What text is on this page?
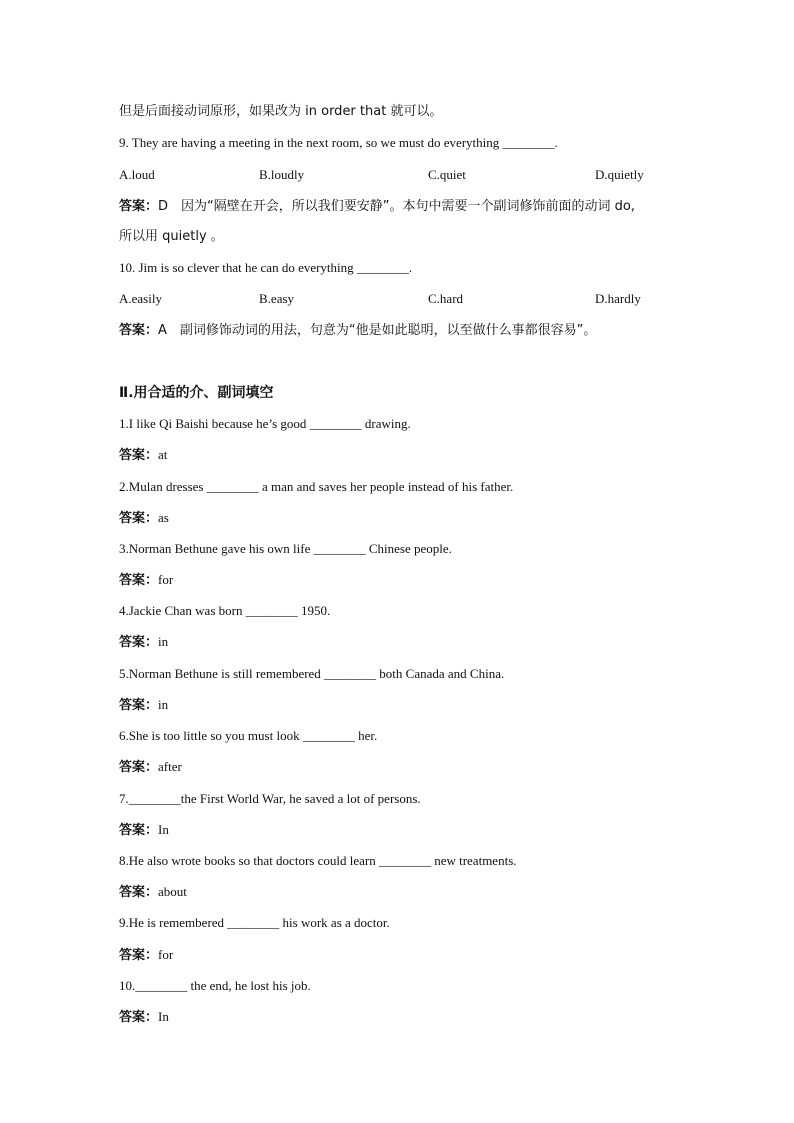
但是后面接动词原形，如果改为 in order that 就可以。
9. They are having a meeting in the next room, so we must do everything ________.
A.loud	B.loudly	C.quiet	D.quietly
答案：D　因为“隔壁在开会，所以我们要安静”。本句中需要一个副词修饰前面的动词 do,
所以用 quietly 。
10. Jim is so clever that he can do everything ________.
A.easily	B.easy	C.hard	D.hardly
答案：A　副词修饰动词的用法，句意为“他是如此聪明，以至做什么事都很容易”。
Ⅱ.用合适的介、副词填空
1.I like Qi Baishi because he’s good ________ drawing.
答案：at
2.Mulan dresses ________ a man and saves her people instead of his father.
答案：as
3.Norman Bethune gave his own life ________ Chinese people.
答案：for
4.Jackie Chan was born ________ 1950.
答案：in
5.Norman Bethune is still remembered ________ both Canada and China.
答案：in
6.She is too little so you must look ________ her.
答案：after
7.________the First World War, he saved a lot of persons.
答案：In
8.He also wrote books so that doctors could learn ________ new treatments.
答案：about
9.He is remembered ________ his work as a doctor.
答案：for
10.________ the end, he lost his job.
答案：In
